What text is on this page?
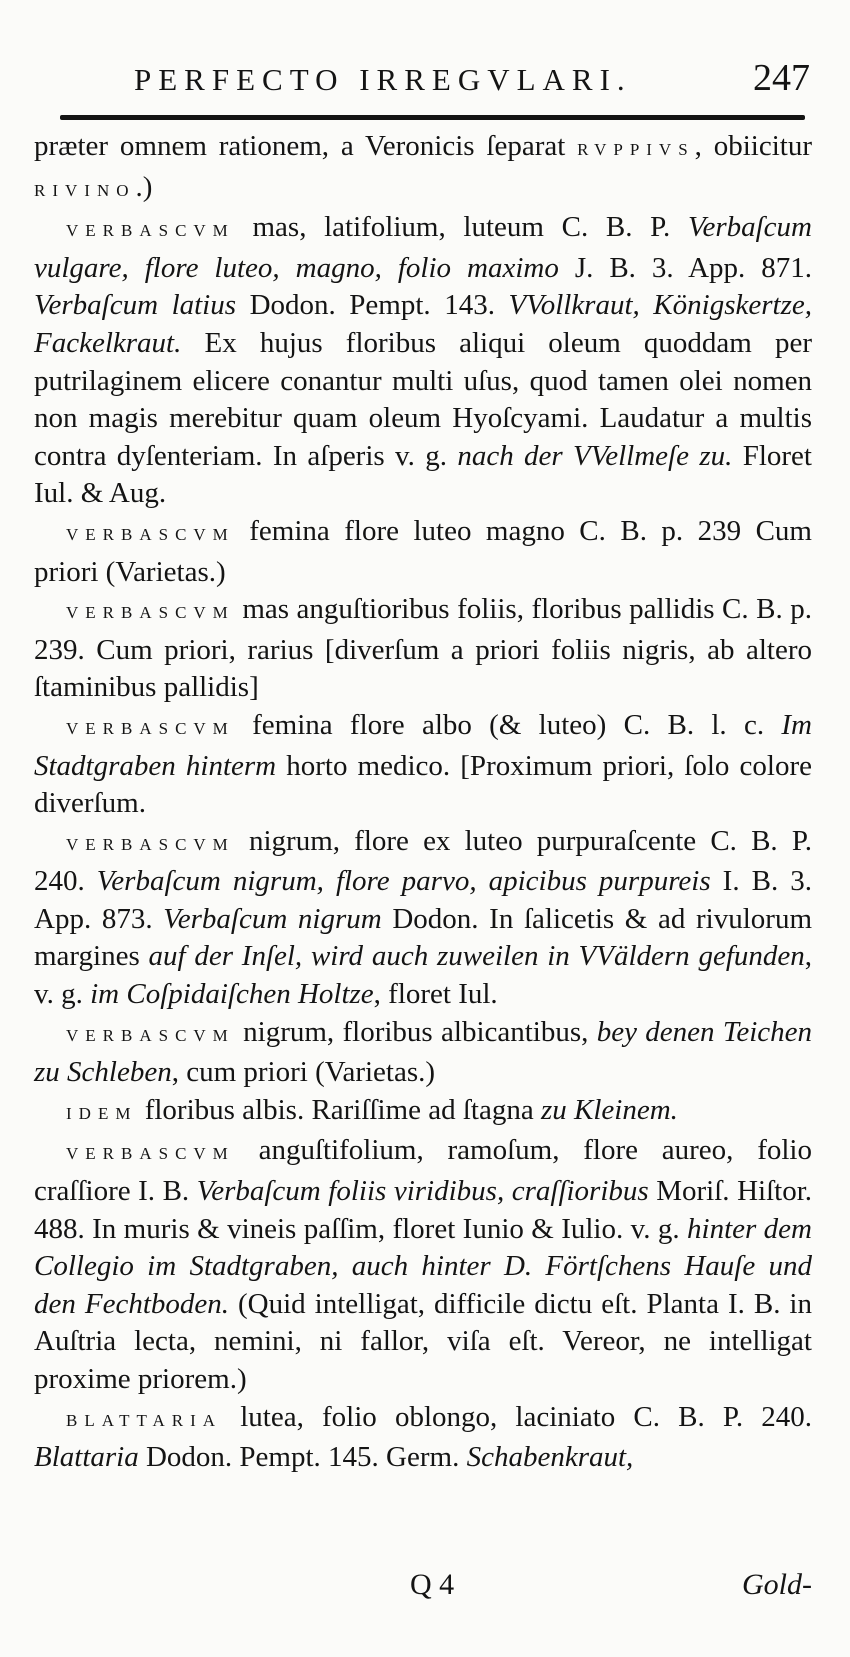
PERFECTO IRREGVLARI.	247

præter omnem rationem, a Veronicis ſeparat RVPPIVS, obiicitur RIVINO.)

VERBASCVM mas, latifolium, luteum C. B. P. Verbaſcum vulgare, flore luteo, magno, folio maximo J. B. 3. App. 871. Verbaſcum latius Dodon. Pempt. 143. VVollkraut, Königskertze, Fackelkraut. Ex hujus floribus aliqui oleum quoddam per putrilaginem elicere conantur multi uſus, quod tamen olei nomen non magis merebitur quam oleum Hyoſcyami. Laudatur a multis contra dyſenteriam. In aſperis v. g. nach der VVellmeſe zu. Floret Iul. & Aug.

VERBASCVM femina flore luteo magno C. B. p. 239 Cum priori (Varietas.)

VERBASCVM mas anguſtioribus foliis, floribus pallidis C. B. p. 239. Cum priori, rarius [diverſum a priori foliis nigris, ab altero ſtaminibus pallidis]

VERBASCVM femina flore albo (& luteo) C. B. l. c. Im Stadtgraben hinterm horto medico. [Proximum priori, ſolo colore diverſum.

VERBASCVM nigrum, flore ex luteo purpuraſcente C. B. P. 240. Verbaſcum nigrum, flore parvo, apicibus purpureis I. B. 3. App. 873. Verbaſcum nigrum Dodon. In ſalicetis & ad rivulorum margines auf der Inſel, wird auch zuweilen in VVäldern gefunden, v. g. im Coſpidaiſchen Holtze, floret Iul.

VERBASCVM nigrum, floribus albicantibus, bey denen Teichen zu Schleben, cum priori (Varietas.)

IDEM floribus albis. Rariſſime ad ſtagna zu Kleinem.

VERBASCVM anguſtifolium, ramoſum, flore aureo, folio craſſiore I. B. Verbaſcum foliis viridibus, craſſioribus Moriſ. Hiſtor. 488. In muris & vineis paſſim, floret Iunio & Iulio. v. g. hinter dem Collegio im Stadtgraben, auch hinter D. Förtſchens Hauſe und den Fechtboden. (Quid intelligat, difficile dictu eſt. Planta I. B. in Auſtria lecta, nemini, ni fallor, viſa eſt. Vereor, ne intelligat proxime priorem.)

BLATTARIA lutea, folio oblongo, laciniato C. B. P. 240. Blattaria Dodon. Pempt. 145. Germ. Schabenkraut,

Q 4	Gold-
